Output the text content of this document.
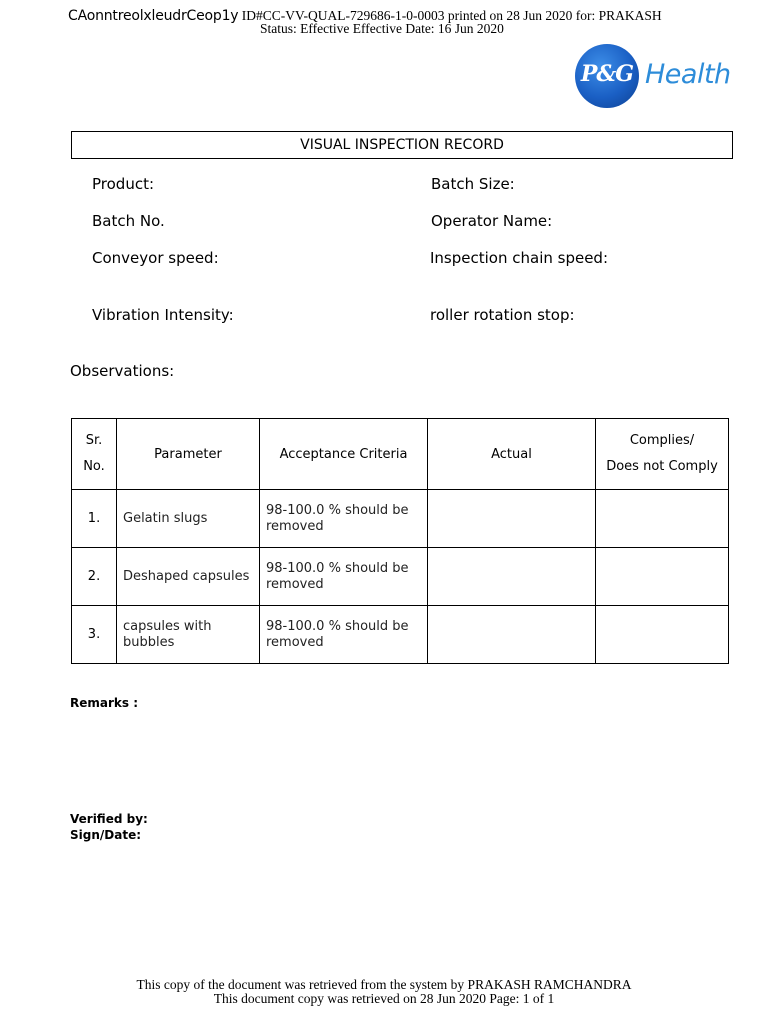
CAonntreolxleudrCeop1y ID#CC-VV-QUAL-729686-1-0-0003 printed on 28 Jun 2020 for: PRAKASH
Status: Effective Effective Date: 16 Jun 2020
P&G Health
VISUAL INSPECTION RECORD
Product:	Batch Size:
Batch No.	Operator Name:
Conveyor speed:	Inspection chain speed:
Vibration Intensity:	roller rotation stop:
Observations:
Sr.
No.	Parameter	Acceptance Criteria	Actual	Complies/
Does not Comply
1.	Gelatin slugs	98-100.0 % should be removed		
2.	Deshaped capsules	98-100.0 % should be removed		
3.	capsules with bubbles	98-100.0 % should be removed		
Remarks :
Verified by:
Sign/Date:
This copy of the document was retrieved from the system by PRAKASH RAMCHANDRA
This document copy was retrieved on 28 Jun 2020 Page: 1 of 1
